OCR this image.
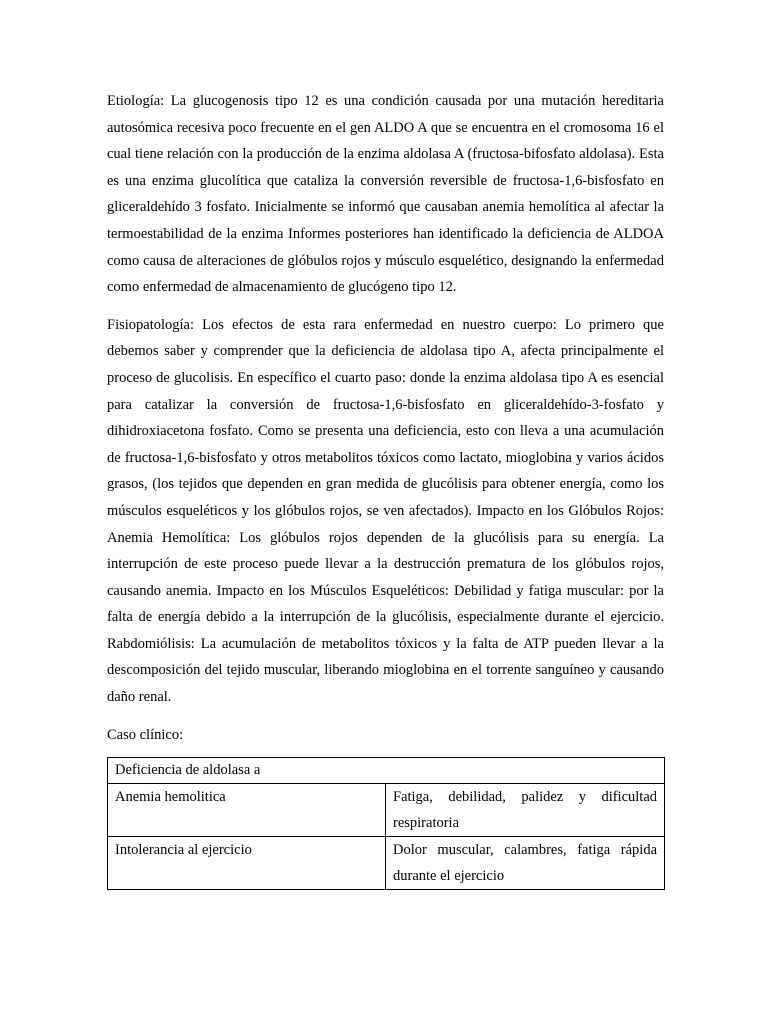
Etiología: La glucogenosis tipo 12 es una condición causada por una mutación hereditaria autosómica recesiva poco frecuente en el gen ALDO A que se encuentra en el cromosoma 16 el cual tiene relación con la producción de la enzima aldolasa A (fructosa-bifosfato aldolasa). Esta es una enzima glucolítica que cataliza la conversión reversible de fructosa-1,6-bisfosfato en gliceraldehído 3 fosfato. Inicialmente se informó que causaban anemia hemolítica al afectar la termoestabilidad de la enzima Informes posteriores han identificado la deficiencia de ALDOA como causa de alteraciones de glóbulos rojos y músculo esquelético, designando la enfermedad como enfermedad de almacenamiento de glucógeno tipo 12.

Fisiopatología: Los efectos de esta rara enfermedad en nuestro cuerpo: Lo primero que debemos saber y comprender que la deficiencia de aldolasa tipo A, afecta principalmente el proceso de glucolisis. En específico el cuarto paso: donde la enzima aldolasa tipo A es esencial para catalizar la conversión de fructosa-1,6-bisfosfato en gliceraldehído-3-fosfato y dihidroxiacetona fosfato. Como se presenta una deficiencia, esto con lleva a una acumulación de fructosa-1,6-bisfosfato y otros metabolitos tóxicos como lactato, mioglobina y varios ácidos grasos, (los tejidos que dependen en gran medida de glucólisis para obtener energía, como los músculos esqueléticos y los glóbulos rojos, se ven afectados). Impacto en los Glóbulos Rojos: Anemia Hemolítica: Los glóbulos rojos dependen de la glucólisis para su energía. La interrupción de este proceso puede llevar a la destrucción prematura de los glóbulos rojos, causando anemia. Impacto en los Músculos Esqueléticos: Debilidad y fatiga muscular: por la falta de energía debido a la interrupción de la glucólisis, especialmente durante el ejercicio. Rabdomiólisis: La acumulación de metabolitos tóxicos y la falta de ATP pueden llevar a la descomposición del tejido muscular, liberando mioglobina en el torrente sanguíneo y causando daño renal.

Caso clínico:

Deficiencia de aldolasa a	
Anemia hemolitica	Fatiga, debilidad, palidez y dificultad respiratoria
Intolerancia al ejercicio	Dolor muscular, calambres, fatiga rápida durante el ejercicio
